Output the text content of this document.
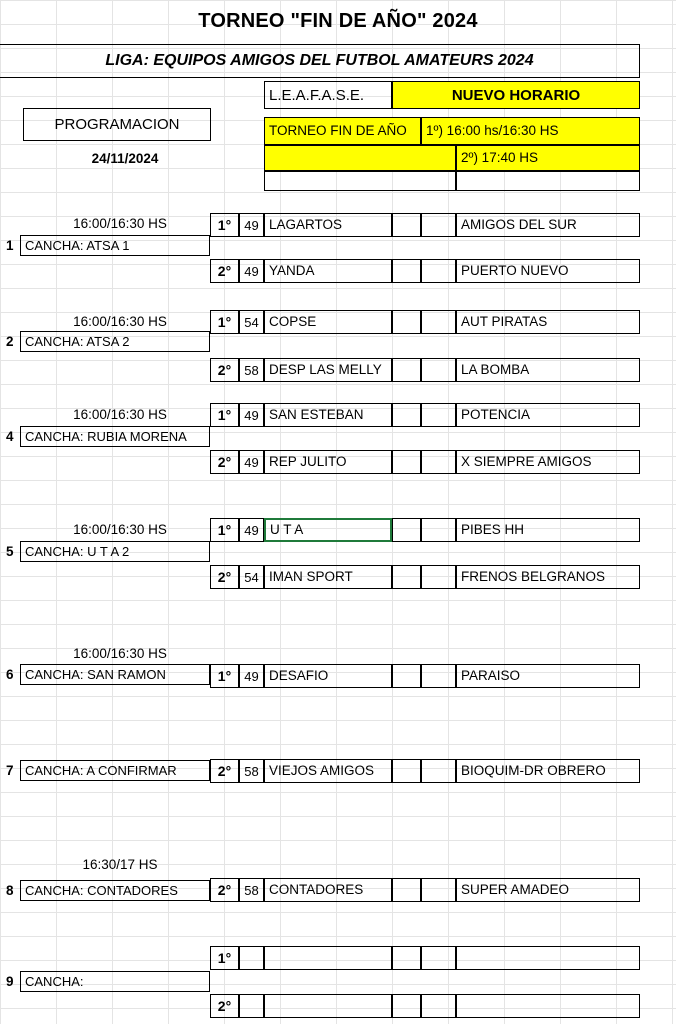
TORNEO "FIN DE AÑO" 2024
LIGA: EQUIPOS AMIGOS DEL FUTBOL AMATEURS 2024
L.E.A.F.A.S.E.	NUEVO HORARIO
PROGRAMACION
24/11/2024
TORNEO FIN DE AÑO	1º) 16:00 hs/16:30 HS
2º) 17:40 HS
16:00/16:30 HS
1 CANCHA: ATSA 1
1°	49 LAGARTOS	AMIGOS DEL SUR
2°	49 YANDA	PUERTO NUEVO
16:00/16:30 HS
2 CANCHA: ATSA 2
1°	54 COPSE	AUT PIRATAS
2°	58 DESP LAS MELLY	LA BOMBA
16:00/16:30 HS
4 CANCHA: RUBIA MORENA
1°	49 SAN ESTEBAN	POTENCIA
2°	49 REP JULITO	X SIEMPRE AMIGOS
16:00/16:30 HS
5 CANCHA: U T A 2
1°	49 U T A	PIBES HH
2°	54 IMAN SPORT	FRENOS BELGRANOS
16:00/16:30 HS
6 CANCHA: SAN RAMON	1°	49 DESAFIO	PARAISO
7 CANCHA: A CONFIRMAR	2°	58 VIEJOS AMIGOS	BIOQUIM-DR OBRERO
16:30/17 HS
8 CANCHA: CONTADORES	2°	58 CONTADORES	SUPER AMADEO
9 CANCHA:
1°
2°
